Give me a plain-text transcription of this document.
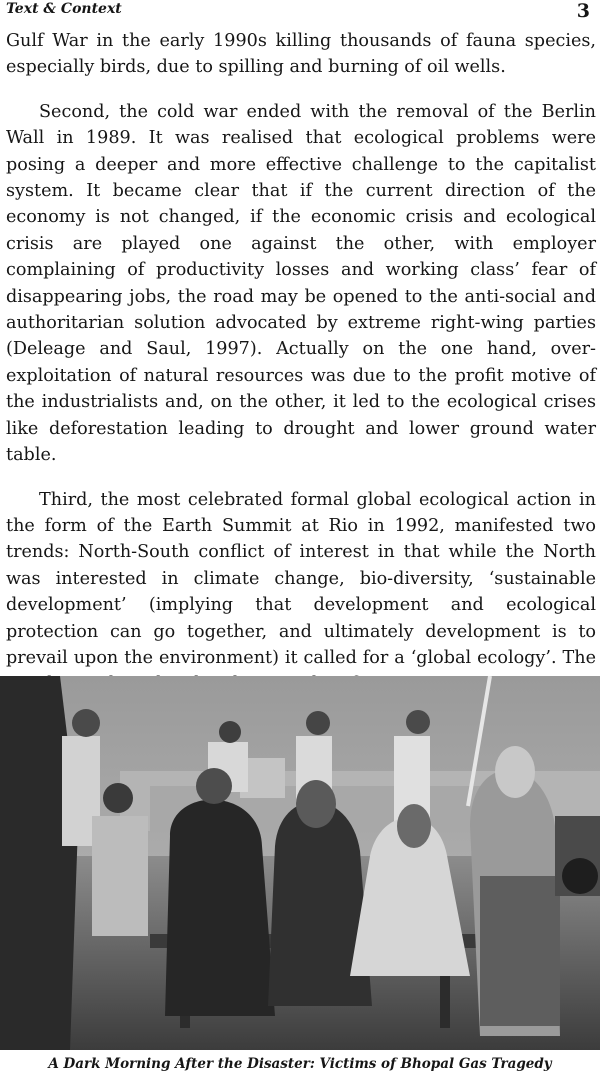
Text & Context	3

Gulf War in the early 1990s killing thousands of fauna species, especially birds, due to spilling and burning of oil wells.

Second, the cold war ended with the removal of the Berlin Wall in 1989. It was realised that ecological problems were posing a deeper and more effective challenge to the capitalist system. It became clear that if the current direction of the economy is not changed, if the economic crisis and ecological crisis are played one against the other, with employer complaining of productivity losses and working class’ fear of disappearing jobs, the road may be opened to the anti-social and authoritarian solution advocated by extreme right-wing parties (Deleage and Saul, 1997). Actually on the one hand, over-exploitation of natural resources was due to the profit motive of the industrialists and, on the other, it led to the ecological crises like deforestation leading to drought and lower ground water table.

Third, the most celebrated formal global ecological action in the form of the Earth Summit at Rio in 1992, manifested two trends: North-South conflict of interest in that while the North was interested in climate change, bio-diversity, ‘sustainable development’ (implying that development and ecological protection can go together, and ultimately development is to prevail upon the environment) it called for a ‘global ecology’. The

A Dark Morning After the Disaster: Victims of Bhopal Gas Tragedy
